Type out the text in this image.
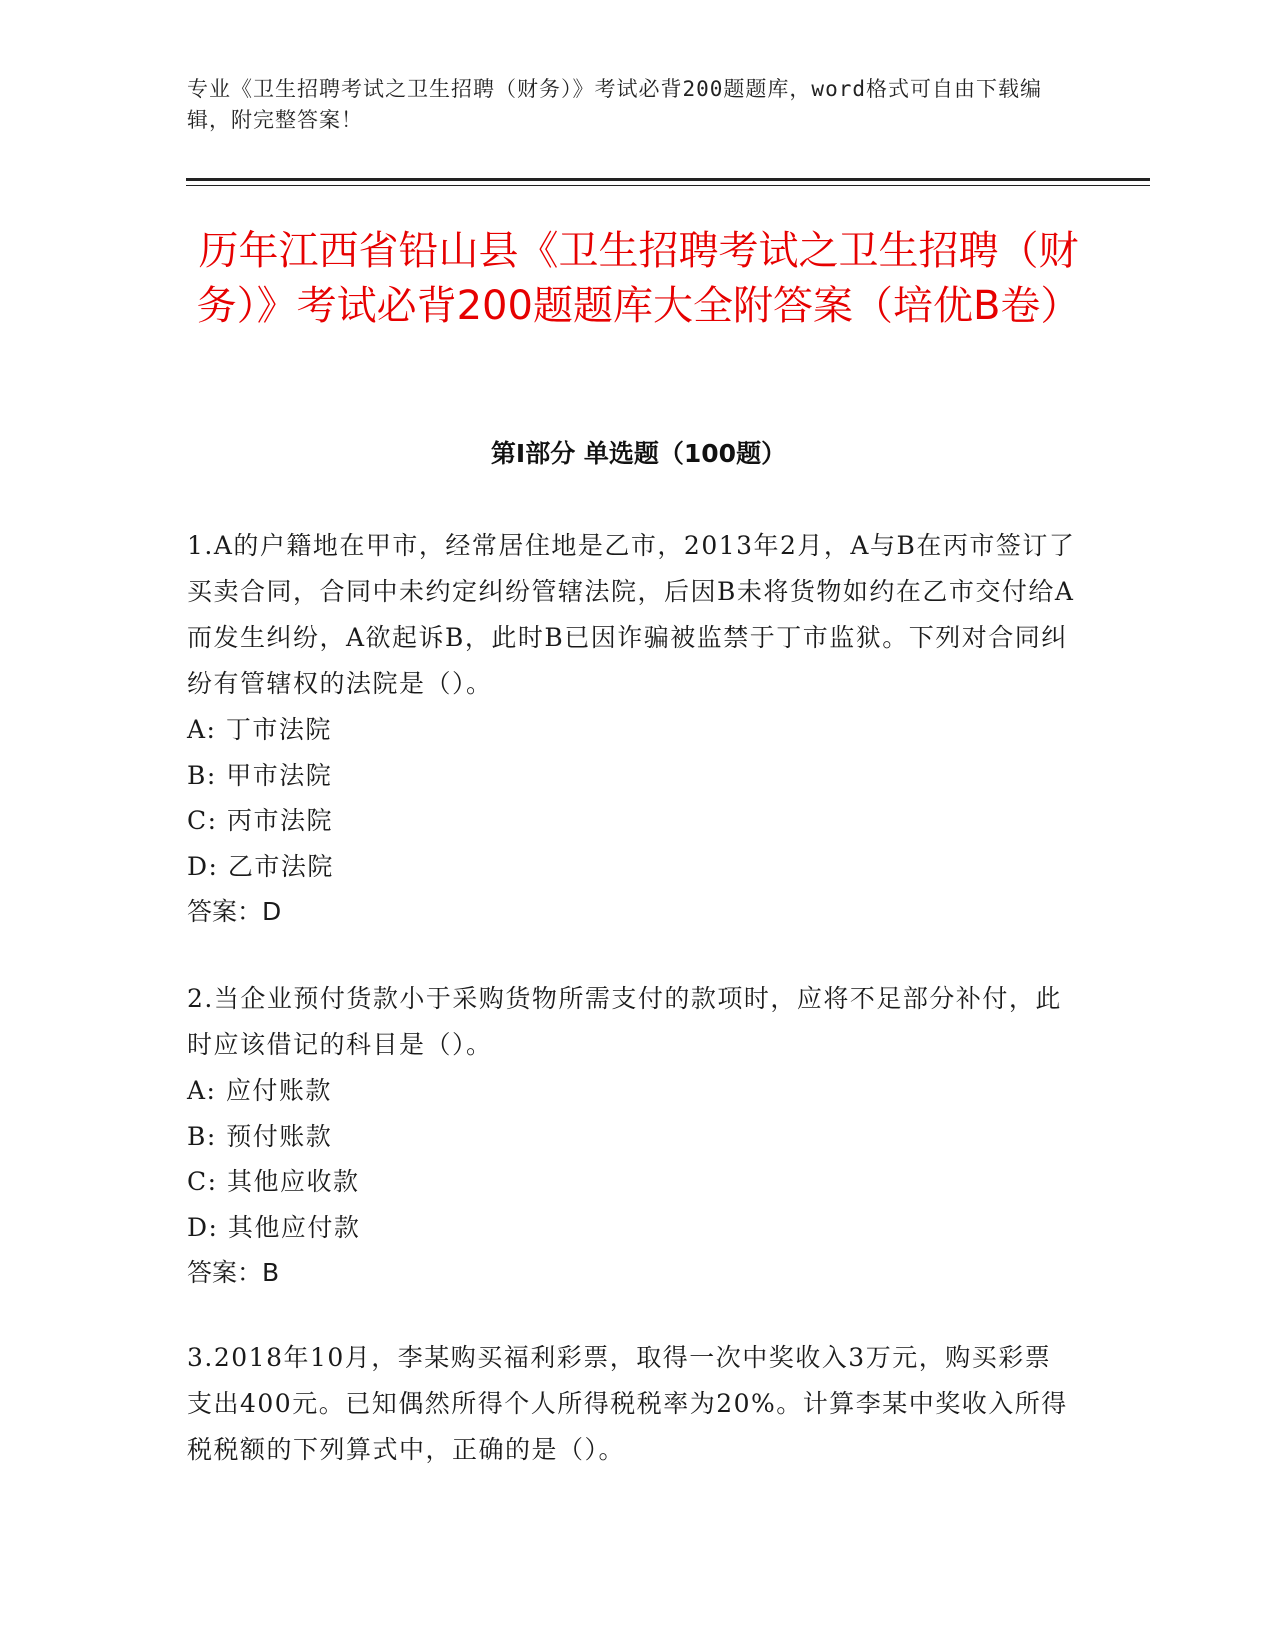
专业《卫生招聘考试之卫生招聘（财务）》考试必背200题题库，word格式可自由下载编辑，附完整答案！
历年江西省铅山县《卫生招聘考试之卫生招聘（财务）》考试必背200题题库大全附答案（培优B卷）
第I部分 单选题（100题）

1.A的户籍地在甲市，经常居住地是乙市，2013年2月，A与B在丙市签订了买卖合同，合同中未约定纠纷管辖法院，后因B未将货物如约在乙市交付给A而发生纠纷，A欲起诉B，此时B已因诈骗被监禁于丁市监狱。下列对合同纠纷有管辖权的法院是（）。

A: 丁市法院

B: 甲市法院

C: 丙市法院

D: 乙市法院

答案：D

2.当企业预付货款小于采购货物所需支付的款项时，应将不足部分补付，此时应该借记的科目是（）。

A: 应付账款

B: 预付账款

C: 其他应收款

D: 其他应付款

答案：B

3.2018年10月，李某购买福利彩票，取得一次中奖收入3万元，购买彩票支出400元。已知偶然所得个人所得税税率为20%。计算李某中奖收入所得税税额的下列算式中，正确的是（）。
